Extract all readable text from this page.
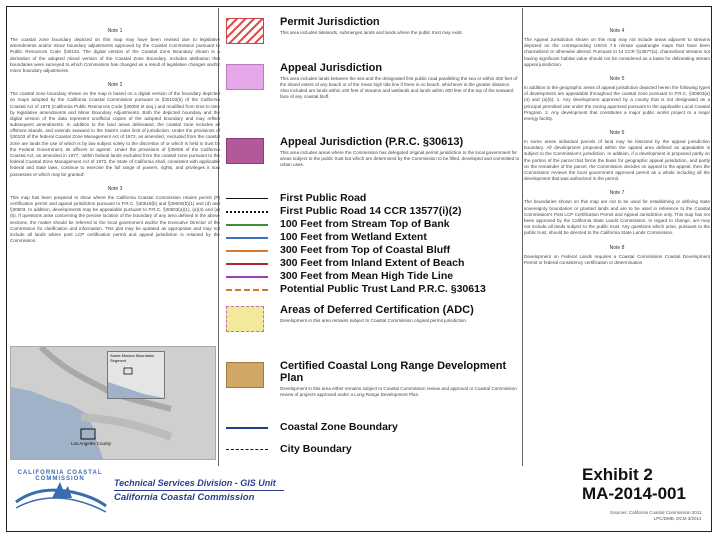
Note 1
The coastal zone boundary depicted on this map may have been revised due to legislative amendments and/or minor boundary adjustments approved by the Coastal Commission pursuant to Public Resources Code §30103. The digital version of the Coastal Zone Boundary shown is a derivation of the adopted mixed version of the Coastal Zone Boundary. Includes attribution that boundaries were surveyed to which Commission has changed as a result of legislative changes and/or minor boundary adjustments.
Note 2
The coastal zone boundary shown on the map is based on a digital version of the boundary depicted on maps adopted by the California Coastal Commission pursuant to §30103(b) of the California Coastal Act of 1976 (California Public Resources Code §30000 et seq.) and modified from time to time by legislative amendments and Minor Boundary Adjustments. Both the depicted boundary and the digital version of the data represent unofficial copies of the adopted boundary and may reflect subsequent amendments. In addition to the land areas delineated, the coastal zone includes all offshore islands, and extends seaward to the State's outer limit of jurisdiction. Under the provisions of §30103 of the federal Coastal Zone Management Act of 1972, as amended, 'excluded from the coastal zone are lands the use of which is by law subject solely to the discretion of or which is held in trust by the Federal Government, its officers or agents'. Under the provisions of §30008 of the California Coastal Act, as amended in 1977, 'within federal lands excluded from the coastal zone pursuant to the federal Coastal Zone Management Act of 1972, the State of California shall, consistent with applicable federal and state laws, continue to exercise the full range of powers, rights, and privileges it now possesses or which may be granted'.
Note 3
This map has been prepared to show where the California Coastal Commission retains permit (P) certification permit and appeal jurisdiction pursuant to P.R.C. §30519(b) and §30600(b)(1) and (d) and §30603. In addition, developments may be appealable pursuant to P.R.C. §30603(a)(1), (a)(4) and (a)(5). If questions arise concerning the precise location of the boundary of any area defined in the above sections, the matter should be referred to the local government and/or the Executive Director of the Commission for clarification and information. This plat may be updated as appropriate and may not include all lands where post LCP certification permit and appeal jurisdiction is retained by the Commission.
Permit Jurisdiction
This area includes tidelands, submerged lands and lands where the public trust may exist.
Appeal Jurisdiction
This area includes lands between the sea and the designated first public road paralleling the sea or within 300 feet of the inland extent of any beach or of the mean high tide line if there is no beach, whichever is the greater distance. Also included are lands within 100 feet of streams and wetlands and lands within 300 feet of the top of the seaward face of any coastal bluff.
Appeal Jurisdiction (P.R.C. §30613)
This area includes areas where the Commission has delegated original permit jurisdiction to the local government for areas subject to the public trust but which are determined by the Commission to be filled, developed and committed to urban uses.
First Public Road
First Public Road 14 CCR 13577(i)(2)
100 Feet from Stream Top of Bank
100 Feet from Wetland Extent
300 Feet from Top of Coastal Bluff
300 Feet from Inland Extent of Beach
300 Feet from Mean High Tide Line
Potential Public Trust Land P.R.C. §30613
Areas of Deferred Certification (ADC)
Development in this area remains subject to Coastal Commission original permit jurisdiction.
Certified Coastal Long Range Development Plan
Development in this area either remains subject to Coastal Commission review and approval or Coastal Commission review of projects approved under a Long Range Development Plan.
Coastal Zone Boundary
City Boundary
Note 4
The Appeal Jurisdiction shown on this map may not include areas adjacent to streams depicted on the corresponding USGS 7.5 minute quadrangle maps that have been channelized or otherwise altered. Pursuant to 14 CCR §13577(a), channelized streams not having significant habitat value should not be considered as a basis for delineating stream appeal jurisdiction.
Note 5
In addition to the geographic areas of appeal jurisdiction depicted herein the following types of development are appealable throughout the coastal zone pursuant to P.R.C. §30603(a)(4) and (a)(5): 1. Any development approved by a county that is not designated as a principal permitted use under the zoning approved pursuant to the applicable Local Coastal Program. 2. Any development that constitutes a major public works project or a major energy facility.
Note 6
In some areas individual parcels of land may be bisected by the appeal jurisdiction boundary. All development proposed within the appeal area defined as appealable is subject to the Commission's jurisdiction. In addition, if a development is proposed partly on the portion of the parcel that forms the basis for geographic appeal jurisdiction, and partly on the remainder of the parcel, the Commission decides on appeal to the appeal, then the Commission reviews the local government approved permit as a whole including all the development that was authorized in the permit.
Note 7
The boundaries shown on this map are not to be used for establishing or defining state sovereignty boundaries or granted lands and are to be used in reference to the Coastal Commission's Post LCP Certification Permit and Appeal Jurisdiction only. This map has not been approved by the California State Lands Commission. In regard to change, are may not include all lands subject to the public trust. Any questions which arise, pursuant to the public trust, should be directed to the California State Lands Commission.
Note 8
Development on Federal Lands requires a Coastal Commission Coastal Development Permit or federal consistency certification or determination.
Los Angeles County
Santa Monica Mountains Segment
CALIFORNIA COASTAL COMMISSION	Technical Services Division - GIS Unit
California Coastal Commission
Exhibit 2
MA-2014-001
Sources: California Coastal Commission 2011
LPC/DMB, DCM 3/2014
